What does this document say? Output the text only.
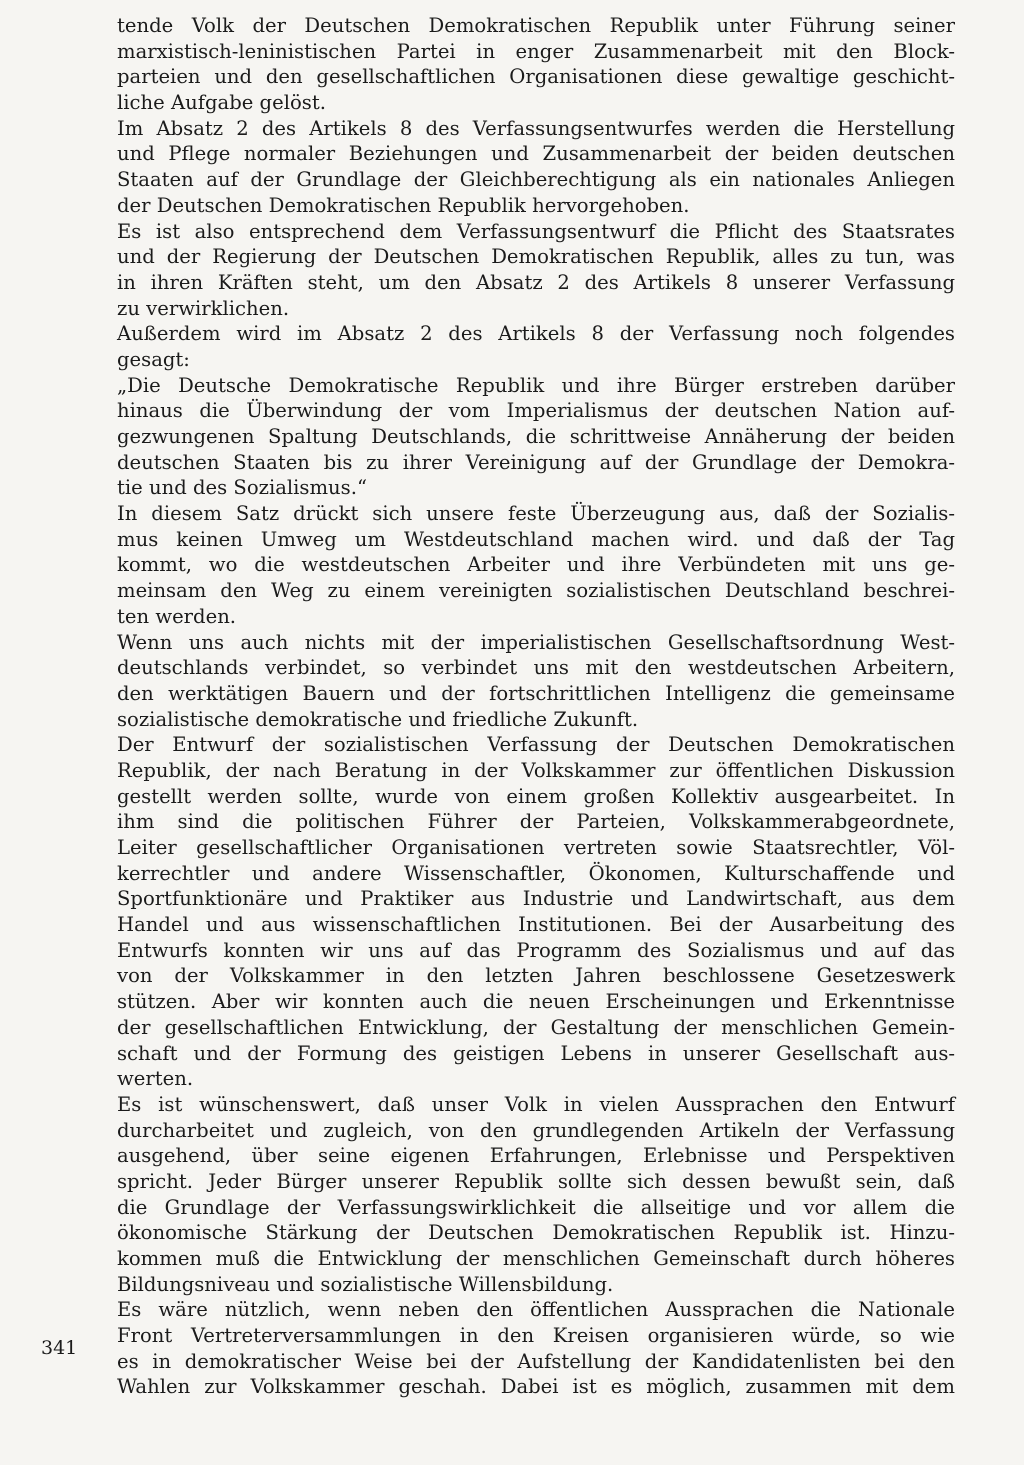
tende Volk der Deutschen Demokratischen Republik unter Führung seiner
marxistisch-leninistischen Partei in enger Zusammenarbeit mit den Block-
parteien und den gesellschaftlichen Organisationen diese gewaltige geschicht-
liche Aufgabe gelöst.
Im Absatz 2 des Artikels 8 des Verfassungsentwurfes werden die Herstellung
und Pflege normaler Beziehungen und Zusammenarbeit der beiden deutschen
Staaten auf der Grundlage der Gleichberechtigung als ein nationales Anliegen
der Deutschen Demokratischen Republik hervorgehoben.
Es ist also entsprechend dem Verfassungsentwurf die Pflicht des Staatsrates
und der Regierung der Deutschen Demokratischen Republik, alles zu tun, was
in ihren Kräften steht, um den Absatz 2 des Artikels 8 unserer Verfassung
zu verwirklichen.
Außerdem wird im Absatz 2 des Artikels 8 der Verfassung noch folgendes
gesagt:
„Die Deutsche Demokratische Republik und ihre Bürger erstreben darüber
hinaus die Überwindung der vom Imperialismus der deutschen Nation auf-
gezwungenen Spaltung Deutschlands, die schrittweise Annäherung der beiden
deutschen Staaten bis zu ihrer Vereinigung auf der Grundlage der Demokra-
tie und des Sozialismus.“
In diesem Satz drückt sich unsere feste Überzeugung aus, daß der Sozialis-
mus keinen Umweg um Westdeutschland machen wird. und daß der Tag
kommt, wo die westdeutschen Arbeiter und ihre Verbündeten mit uns ge-
meinsam den Weg zu einem vereinigten sozialistischen Deutschland beschrei-
ten werden.
Wenn uns auch nichts mit der imperialistischen Gesellschaftsordnung West-
deutschlands verbindet, so verbindet uns mit den westdeutschen Arbeitern,
den werktätigen Bauern und der fortschrittlichen Intelligenz die gemeinsame
sozialistische demokratische und friedliche Zukunft.
Der Entwurf der sozialistischen Verfassung der Deutschen Demokratischen
Republik, der nach Beratung in der Volkskammer zur öffentlichen Diskussion
gestellt werden sollte, wurde von einem großen Kollektiv ausgearbeitet. In
ihm sind die politischen Führer der Parteien, Volkskammerabgeordnete,
Leiter gesellschaftlicher Organisationen vertreten sowie Staatsrechtler, Völ-
kerrechtler und andere Wissenschaftler, Ökonomen, Kulturschaffende und
Sportfunktionäre und Praktiker aus Industrie und Landwirtschaft, aus dem
Handel und aus wissenschaftlichen Institutionen. Bei der Ausarbeitung des
Entwurfs konnten wir uns auf das Programm des Sozialismus und auf das
von der Volkskammer in den letzten Jahren beschlossene Gesetzeswerk
stützen. Aber wir konnten auch die neuen Erscheinungen und Erkenntnisse
der gesellschaftlichen Entwicklung, der Gestaltung der menschlichen Gemein-
schaft und der Formung des geistigen Lebens in unserer Gesellschaft aus-
werten.
Es ist wünschenswert, daß unser Volk in vielen Aussprachen den Entwurf
durcharbeitet und zugleich, von den grundlegenden Artikeln der Verfassung
ausgehend, über seine eigenen Erfahrungen, Erlebnisse und Perspektiven
spricht. Jeder Bürger unserer Republik sollte sich dessen bewußt sein, daß
die Grundlage der Verfassungswirklichkeit die allseitige und vor allem die
ökonomische Stärkung der Deutschen Demokratischen Republik ist. Hinzu-
kommen muß die Entwicklung der menschlichen Gemeinschaft durch höheres
Bildungsniveau und sozialistische Willensbildung.
Es wäre nützlich, wenn neben den öffentlichen Aussprachen die Nationale
Front Vertreterversammlungen in den Kreisen organisieren würde, so wie
es in demokratischer Weise bei der Aufstellung der Kandidatenlisten bei den
Wahlen zur Volkskammer geschah. Dabei ist es möglich, zusammen mit dem
341
